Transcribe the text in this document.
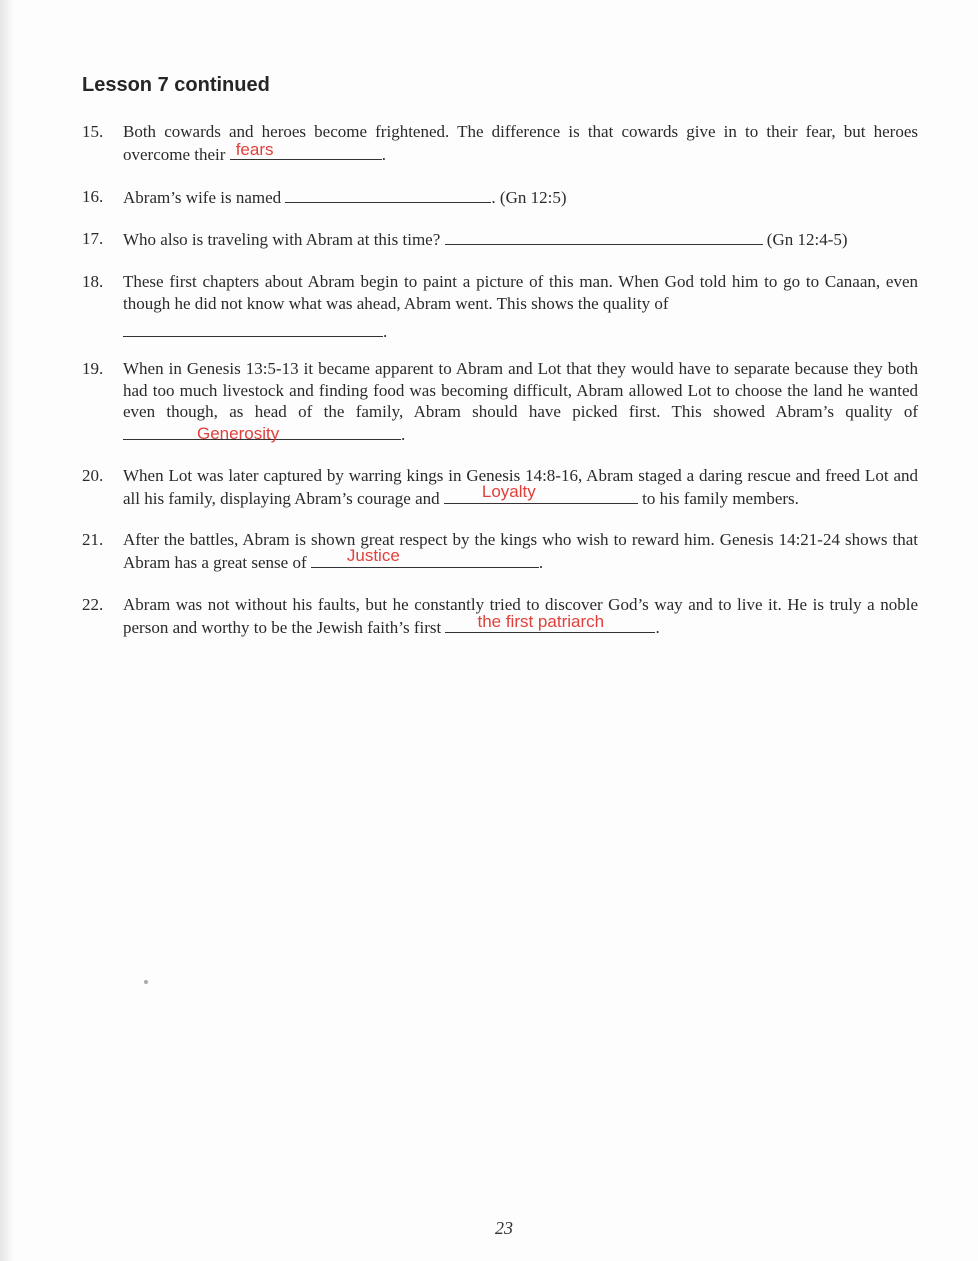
Lesson 7 continued
15.	Both cowards and heroes become frightened. The difference is that cowards give in to their fear, but heroes overcome their fears	.
16.	Abram’s wife is named	. (Gn 12:5)
17.	Who also is traveling with Abram at this time?	(Gn 12:4-5)
18.	These first chapters about Abram begin to paint a picture of this man. When God told him to go to Canaan, even though he did not know what was ahead, Abram went. This shows the quality of

.
19.	When in Genesis 13:5-13 it became apparent to Abram and Lot that they would have to separate because they both had too much livestock and finding food was becoming difficult, Abram allowed Lot to choose the land he wanted even though, as head of the family, Abram should have picked first. This showed Abram’s quality of
Generosity	.
20.	When Lot was later captured by warring kings in Genesis 14:8-16, Abram staged a daring rescue and freed Lot and all his family, displaying Abram’s courage and	Loyalty	to his family members.
21.	After the battles, Abram is shown great respect by the kings who wish to reward him. Genesis 14:21-24 shows that Abram has a great sense of	Justice	.
22.	Abram was not without his faults, but he constantly tried to discover God’s way and to live it. He is truly a noble person and worthy to be the Jewish faith’s first	the first patriarch	.
23
